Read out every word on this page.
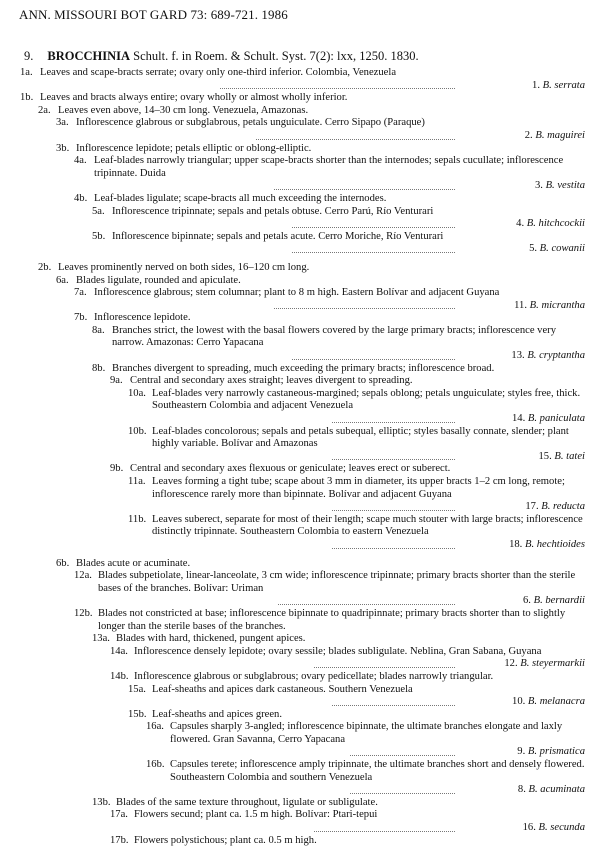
ANN. MISSOURI BOT GARD 73: 689-721. 1986
9. BROCCHINIA Schult. f. in Roem. & Schult. Syst. 7(2): lxx, 1250. 1830.
1a. Leaves and scape-bracts serrate; ovary only one-third inferior. Colombia, Venezuela
1. B. serrata
1b. Leaves and bracts always entire; ovary wholly or almost wholly inferior.
2a. Leaves even above, 14–30 cm long. Venezuela, Amazonas.
3a. Inflorescence glabrous or subglabrous, petals unguiculate. Cerro Sipapo (Paraque)
2. B. maguirei
3b. Inflorescence lepidote; petals elliptic or oblong-elliptic.
4a. Leaf-blades narrowly triangular; upper scape-bracts shorter than the internodes; sepals cucullate; inflorescence tripinnate. Duida
3. B. vestita
4b. Leaf-blades ligulate; scape-bracts all much exceeding the internodes.
5a. Inflorescence tripinnate; sepals and petals obtuse. Cerro Parú, Río Venturari
4. B. hitchcockii
5b. Inflorescence bipinnate; sepals and petals acute. Cerro Moriche, Río Venturari
5. B. cowanii
2b. Leaves prominently nerved on both sides, 16–120 cm long.
6a. Blades ligulate, rounded and apiculate.
7a. Inflorescence glabrous; stem columnar; plant to 8 m high. Eastern Bolívar and adjacent Guyana
11. B. micrantha
7b. Inflorescence lepidote.
8a. Branches strict, the lowest with the basal flowers covered by the large primary bracts; inflorescence very narrow. Amazonas: Cerro Yapacana
13. B. cryptantha
8b. Branches divergent to spreading, much exceeding the primary bracts; inflorescence broad.
9a. Central and secondary axes straight; leaves divergent to spreading.
10a. Leaf-blades very narrowly castaneous-margined; sepals oblong; petals unguiculate; styles free, thick. Southeastern Colombia and adjacent Venezuela
14. B. paniculata
10b. Leaf-blades concolorous; sepals and petals subequal, elliptic; styles basally connate, slender; plant highly variable. Bolívar and Amazonas
15. B. tatei
9b. Central and secondary axes flexuous or geniculate; leaves erect or suberect.
11a. Leaves forming a tight tube; scape about 3 mm in diameter, its upper bracts 1–2 cm long, remote; inflorescence rarely more than bipinnate. Bolívar and adjacent Guyana
17. B. reducta
11b. Leaves suberect, separate for most of their length; scape much stouter with large bracts; inflorescence distinctly tripinnate. Southeastern Colombia to eastern Venezuela
18. B. hechtioides
6b. Blades acute or acuminate.
12a. Blades subpetiolate, linear-lanceolate, 3 cm wide; inflorescence tripinnate; primary bracts shorter than the sterile bases of the branches. Bolívar: Uriman
6. B. bernardii
12b. Blades not constricted at base; inflorescence bipinnate to quadripinnate; primary bracts shorter than to slightly longer than the sterile bases of the branches.
13a. Blades with hard, thickened, pungent apices.
14a. Inflorescence densely lepidote; ovary sessile; blades subligulate. Neblina, Gran Sabana, Guyana
12. B. steyermarkii
14b. Inflorescence glabrous or subglabrous; ovary pedicellate; blades narrowly triangular.
15a. Leaf-sheaths and apices dark castaneous. Southern Venezuela
10. B. melanacra
15b. Leaf-sheaths and apices green.
16a. Capsules sharply 3-angled; inflorescence bipinnate, the ultimate branches elongate and laxly flowered. Gran Savanna, Cerro Yapacana
9. B. prismatica
16b. Capsules terete; inflorescence amply tripinnate, the ultimate branches short and densely flowered. Southeastern Colombia and southern Venezuela
8. B. acuminata
13b. Blades of the same texture throughout, ligulate or subligulate.
17a. Flowers secund; plant ca. 1.5 m high. Bolívar: Ptari-tepui
16. B. secunda
17b. Flowers polystichous; plant ca. 0.5 m high.
